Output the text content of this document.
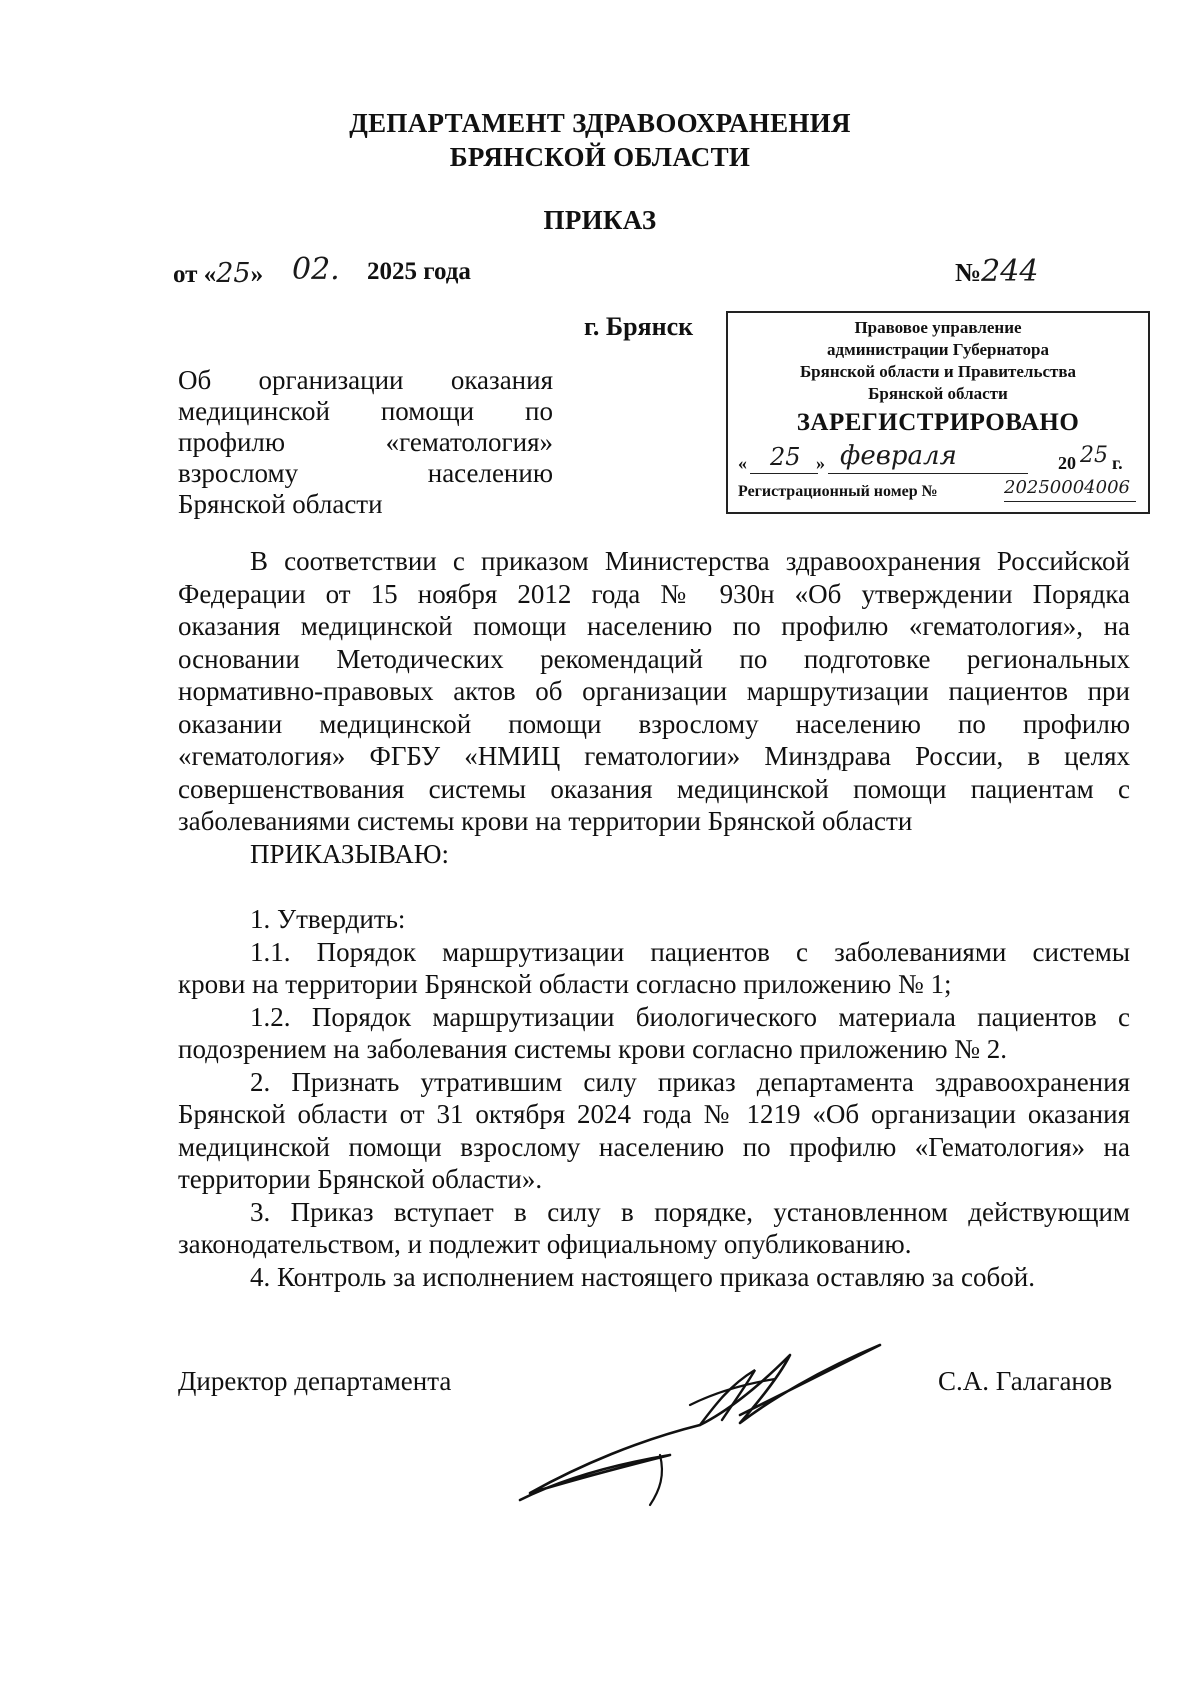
ДЕПАРТАМЕНТ ЗДРАВООХРАНЕНИЯ
БРЯНСКОЙ ОБЛАСТИ
ПРИКАЗ
от «25» 02. 2025 года	№244
г. Брянск
Об организации оказания
медицинской помощи по
профилю «гематология»
взрослому населению
Брянской области
Правовое управление
администрации Губернатора
Брянской области и Правительства
Брянской области
ЗАРЕГИСТРИРОВАНО
« 25 » февраля	20 25 г.
Регистрационный номер №	20250004006
В соответствии с приказом Министерства здравоохранения Российской
Федерации от 15 ноября 2012 года № 930н «Об утверждении Порядка
оказания медицинской помощи населению по профилю «гематология», на
основании Методических рекомендаций по подготовке региональных
нормативно-правовых актов об организации маршрутизации пациентов при
оказании медицинской помощи взрослому населению по профилю
«гематология» ФГБУ «НМИЦ гематологии» Минздрава России, в целях
совершенствования системы оказания медицинской помощи пациентам с
заболеваниями системы крови на территории Брянской области
ПРИКАЗЫВАЮ:
1. Утвердить:
1.1. Порядок маршрутизации пациентов с заболеваниями системы
крови на территории Брянской области согласно приложению № 1;
1.2. Порядок маршрутизации биологического материала пациентов с
подозрением на заболевания системы крови согласно приложению № 2.
2. Признать утратившим силу приказ департамента здравоохранения
Брянской области от 31 октября 2024 года № 1219 «Об организации оказания
медицинской помощи взрослому населению по профилю «Гематология» на
территории Брянской области».
3. Приказ вступает в силу в порядке, установленном действующим
законодательством, и подлежит официальному опубликованию.
4. Контроль за исполнением настоящего приказа оставляю за собой.
Директор департамента	С.А. Галаганов
